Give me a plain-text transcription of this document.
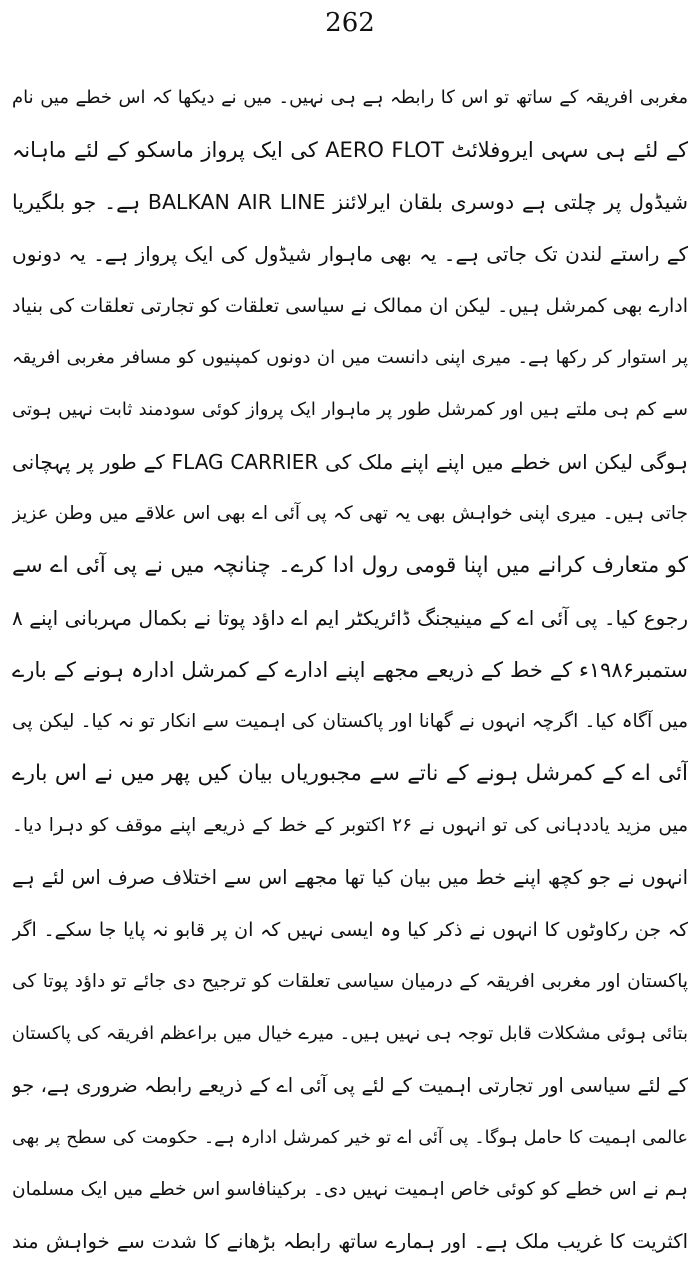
262
مغربی افریقہ کے ساتھ تو اس کا رابطہ ہے ہی نہیں۔ میں نے دیکھا کہ اس خطے میں نام
کے لئے ہی سہی ایروفلائٹ AERO FLOT کی ایک پرواز ماسکو کے لئے ماہانہ
شیڈول پر چلتی ہے دوسری بلقان ایرلائنز BALKAN AIR LINE ہے۔ جو بلگیریا
کے راستے لندن تک جاتی ہے۔ یہ بھی ماہوار شیڈول کی ایک پرواز ہے۔ یہ دونوں
ادارے بھی کمرشل ہیں۔ لیکن ان ممالک نے سیاسی تعلقات کو تجارتی تعلقات کی بنیاد
پر استوار کر رکھا ہے۔ میری اپنی دانست میں ان دونوں کمپنیوں کو مسافر مغربی افریقہ
سے کم ہی ملتے ہیں اور کمرشل طور پر ماہوار ایک پرواز کوئی سودمند ثابت نہیں ہوتی
ہوگی لیکن اس خطے میں اپنے اپنے ملک کی FLAG CARRIER کے طور پر پہچانی
جاتی ہیں۔ میری اپنی خواہش بھی یہ تھی کہ پی آئی اے بھی اس علاقے میں وطن عزیز
کو متعارف کرانے میں اپنا قومی رول ادا کرے۔ چنانچہ میں نے پی آئی اے سے
رجوع کیا۔ پی آئی اے کے مینیجنگ ڈائریکٹر ایم اے داؤد پوتا نے بکمال مہربانی اپنے ۸
ستمبر۱۹۸۶ء کے خط کے ذریعے مجھے اپنے ادارے کے کمرشل ادارہ ہونے کے بارے
میں آگاہ کیا۔ اگرچہ انہوں نے گھانا اور پاکستان کی اہمیت سے انکار تو نہ کیا۔ لیکن پی
آئی اے کے کمرشل ہونے کے ناتے سے مجبوریاں بیان کیں پھر میں نے اس بارے
میں مزید یاددہانی کی تو انہوں نے ۲۶ اکتوبر کے خط کے ذریعے اپنے موقف کو دہرا دیا۔
انہوں نے جو کچھ اپنے خط میں بیان کیا تھا مجھے اس سے اختلاف صرف اس لئے ہے
کہ جن رکاوٹوں کا انہوں نے ذکر کیا وہ ایسی نہیں کہ ان پر قابو نہ پایا جا سکے۔ اگر
پاکستان اور مغربی افریقہ کے درمیان سیاسی تعلقات کو ترجیح دی جائے تو داؤد پوتا کی
بتائی ہوئی مشکلات قابل توجہ ہی نہیں ہیں۔ میرے خیال میں براعظم افریقہ کی پاکستان
کے لئے سیاسی اور تجارتی اہمیت کے لئے پی آئی اے کے ذریعے رابطہ ضروری ہے، جو
عالمی اہمیت کا حامل ہوگا۔ پی آئی اے تو خیر کمرشل ادارہ ہے۔ حکومت کی سطح پر بھی
ہم نے اس خطے کو کوئی خاص اہمیت نہیں دی۔ برکینافاسو اس خطے میں ایک مسلمان
اکثریت کا غریب ملک ہے۔ اور ہمارے ساتھ رابطہ بڑھانے کا شدت سے خواہش مند
